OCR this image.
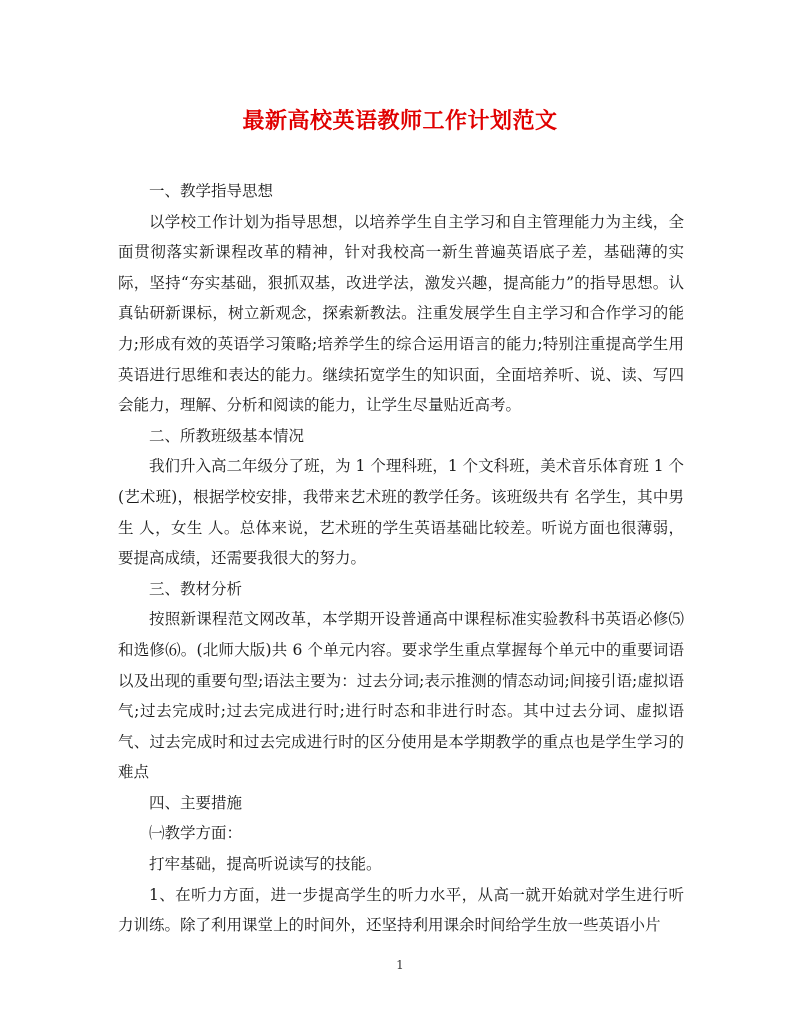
最新高校英语教师工作计划范文

一、教学指导思想

以学校工作计划为指导思想，以培养学生自主学习和自主管理能力为主线，全面贯彻落实新课程改革的精神，针对我校高一新生普遍英语底子差，基础薄的实际，坚持“夯实基础，狠抓双基，改进学法，激发兴趣，提高能力”的指导思想。认真钻研新课标，树立新观念，探索新教法。注重发展学生自主学习和合作学习的能力;形成有效的英语学习策略;培养学生的综合运用语言的能力;特别注重提高学生用英语进行思维和表达的能力。继续拓宽学生的知识面，全面培养听、说、读、写四会能力，理解、分析和阅读的能力，让学生尽量贴近高考。

二、所教班级基本情况

我们升入高二年级分了班，为 1 个理科班，1 个文科班，美术音乐体育班 1 个(艺术班)，根据学校安排，我带来艺术班的教学任务。该班级共有 名学生，其中男生 人，女生 人。总体来说，艺术班的学生英语基础比较差。听说方面也很薄弱，要提高成绩，还需要我很大的努力。

三、教材分析

按照新课程范文网改革，本学期开设普通高中课程标准实验教科书英语必修⑸和选修⑹。(北师大版)共 6 个单元内容。要求学生重点掌握每个单元中的重要词语以及出现的重要句型;语法主要为：过去分词;表示推测的情态动词;间接引语;虚拟语气;过去完成时;过去完成进行时;进行时态和非进行时态。其中过去分词、虚拟语气、过去完成时和过去完成进行时的区分使用是本学期教学的重点也是学生学习的难点

四、主要措施

㈠教学方面：

打牢基础，提高听说读写的技能。

1、在听力方面，进一步提高学生的听力水平，从高一就开始就对学生进行听力训练。除了利用课堂上的时间外，还坚持利用课余时间给学生放一些英语小片

1
